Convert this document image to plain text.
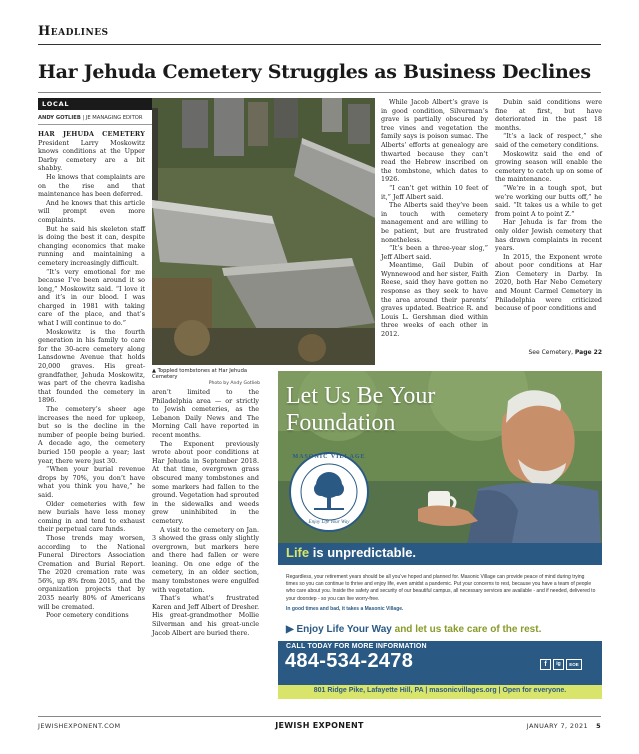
Headlines
Har Jehuda Cemetery Struggles as Business Declines
LOCAL
ANDY GOTLIEB | JE MANAGING EDITOR

HAR JEHUDA CEMETERY President Larry Moskowitz knows conditions at the Upper Darby cemetery are a bit shabby.

He knows that complaints are on the rise and that maintenance has been deferred.

And he knows that this article will prompt even more complaints.

But he said his skeleton staff is doing the best it can, despite changing economics that make running and maintaining a cemetery increasingly difficult.

“It’s very emotional for me because I’ve been around it so long,” Moskowitz said. “I love it and it’s in our blood. I was charged in 1981 with taking care of the place, and that’s what I will continue to do.”

Moskowitz is the fourth generation in his family to care for the 30-acre cemetery along Lansdowne Avenue that holds 20,000 graves. His great-grandfather, Jehuda Moskowitz, was part of the chevra kadisha that founded the cemetery in 1896.

The cemetery’s sheer age increases the need for upkeep, but so is the decline in the number of people being buried. A decade ago, the cemetery buried 150 people a year; last year, there were just 30.

“When your burial revenue drops by 70%, you don’t have what you think you have,” he said.

Older cemeteries with few new burials have less money coming in and tend to exhaust their perpetual care funds.

Those trends may worsen, according to the National Funeral Directors Association Cremation and Burial Report. The 2020 cremation rate was 56%, up 8% from 2015, and the organization projects that by 2035 nearly 80% of Americans will be cremated.

Poor cemetery conditions

▲ Toppled tombstones at Har Jehuda Cemetery
Photo by Andy Gotlieb

aren’t limited to the Philadelphia area — or strictly to Jewish cemeteries, as the Lebanon Daily News and The Morning Call have reported in recent months.

The Exponent previously wrote about poor conditions at Har Jehuda in September 2018. At that time, overgrown grass obscured many tombstones and some markers had fallen to the ground. Vegetation had sprouted in the sidewalks and weeds grew uninhibited in the cemetery.

A visit to the cemetery on Jan. 3 showed the grass only slightly overgrown, but markers here and there had fallen or were leaning. On one edge of the cemetery, in an older section, many tombstones were engulfed with vegetation.

That’s what’s frustrated Karen and Jeff Albert of Dresher. His great-grandmother Mollie Silverman and his great-uncle Jacob Albert are buried there.

While Jacob Albert’s grave is in good condition, Silverman’s grave is partially obscured by tree vines and vegetation the family says is poison sumac. The Alberts’ efforts at genealogy are thwarted because they can’t read the Hebrew inscribed on the tombstone, which dates to 1926.

“I can’t get within 10 feet of it,” Jeff Albert said.

The Alberts said they’ve been in touch with cemetery management and are willing to be patient, but are frustrated nonetheless.

“It’s been a three-year slog,” Jeff Albert said.

Meantime, Gail Dubin of Wynnewood and her sister, Faith Reese, said they have gotten no response as they seek to have the area around their parents’ graves updated. Beatrice R. and Louis L. Gershman died within three weeks of each other in 2012.

Dubin said conditions were fine at first, but have deteriorated in the past 18 months.

“It’s a lack of respect,” she said of the cemetery conditions.

Moskowitz said the end of growing season will enable the cemetery to catch up on some of the maintenance.

“We’re in a tough spot, but we’re working our butts off,” he said. “It takes us a while to get from point A to point Z.”

Har Jehuda is far from the only older Jewish cemetery that has drawn complaints in recent years.

In 2015, the Exponent wrote about poor conditions at Har Zion Cemetery in Darby. In 2020, both Har Nebo Cemetery and Mount Carmel Cemetery in Philadelphia were criticized because of poor conditions and

See Cemetery, Page 22
Let Us Be Your
Foundation
MASONIC VILLAGE
Enjoy Life Your Way
Life is unpredictable.
Regardless, your retirement years should be all you’ve hoped and planned for. Masonic Village can provide peace of mind during trying times so you can continue to thrive and enjoy life, even amidst a pandemic. Put your concerns to rest, because you have a team of people who care about you. Inside the safety and security of our beautiful campus, all necessary services are available - and if needed, delivered to your doorstep - so you can live worry-free.
In good times and bad, it takes a Masonic Village.
▶ Enjoy Life Your Way and let us take care of the rest.
CALL TODAY FOR MORE INFORMATION
484-534-2478	f	ig	EOE
801 Ridge Pike, Lafayette Hill, PA | masonicvillages.org | Open for everyone.
JEWISHEXPONENT.COM	JEWISH EXPONENT	JANUARY 7, 2021 5
